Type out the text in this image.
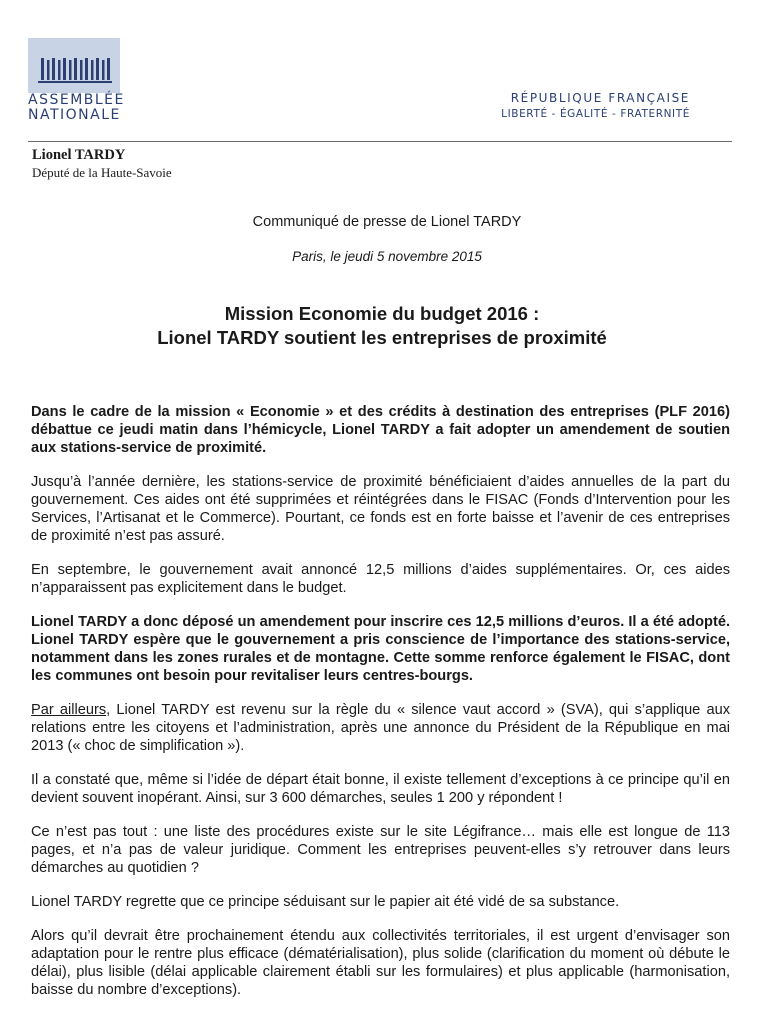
ASSEMBLÉE
NATIONALE
RÉPUBLIQUE FRANÇAISE
LIBERTÉ - ÉGALITÉ - FRATERNITÉ
Lionel TARDY
Député de la Haute-Savoie
Communiqué de presse de Lionel TARDY
Paris, le jeudi 5 novembre 2015
Mission Economie du budget 2016 :
Lionel TARDY soutient les entreprises de proximité

Dans le cadre de la mission « Economie » et des crédits à destination des entreprises (PLF 2016) débattue ce jeudi matin dans l’hémicycle, Lionel TARDY a fait adopter un amendement de soutien aux stations-service de proximité.

Jusqu’à l’année dernière, les stations-service de proximité bénéficiaient d’aides annuelles de la part du gouvernement. Ces aides ont été supprimées et réintégrées dans le FISAC (Fonds d’Intervention pour les Services, l’Artisanat et le Commerce). Pourtant, ce fonds est en forte baisse et l’avenir de ces entreprises de proximité n’est pas assuré.

En septembre, le gouvernement avait annoncé 12,5 millions d’aides supplémentaires. Or, ces aides n’apparaissent pas explicitement dans le budget.

Lionel TARDY a donc déposé un amendement pour inscrire ces 12,5 millions d’euros. Il a été adopté. Lionel TARDY espère que le gouvernement a pris conscience de l’importance des stations-service, notamment dans les zones rurales et de montagne. Cette somme renforce également le FISAC, dont les communes ont besoin pour revitaliser leurs centres-bourgs.

Par ailleurs, Lionel TARDY est revenu sur la règle du « silence vaut accord » (SVA), qui s’applique aux relations entre les citoyens et l’administration, après une annonce du Président de la République en mai 2013 (« choc de simplification »).

Il a constaté que, même si l’idée de départ était bonne, il existe tellement d’exceptions à ce principe qu’il en devient souvent inopérant. Ainsi, sur 3 600 démarches, seules 1 200 y répondent !

Ce n’est pas tout : une liste des procédures existe sur le site Légifrance… mais elle est longue de 113 pages, et n’a pas de valeur juridique. Comment les entreprises peuvent-elles s’y retrouver dans leurs démarches au quotidien ?

Lionel TARDY regrette que ce principe séduisant sur le papier ait été vidé de sa substance.

Alors qu’il devrait être prochainement étendu aux collectivités territoriales, il est urgent d’envisager son adaptation pour le rentre plus efficace (dématérialisation), plus solide (clarification du moment où débute le délai), plus lisible (délai applicable clairement établi sur les formulaires) et plus applicable (harmonisation, baisse du nombre d’exceptions).
